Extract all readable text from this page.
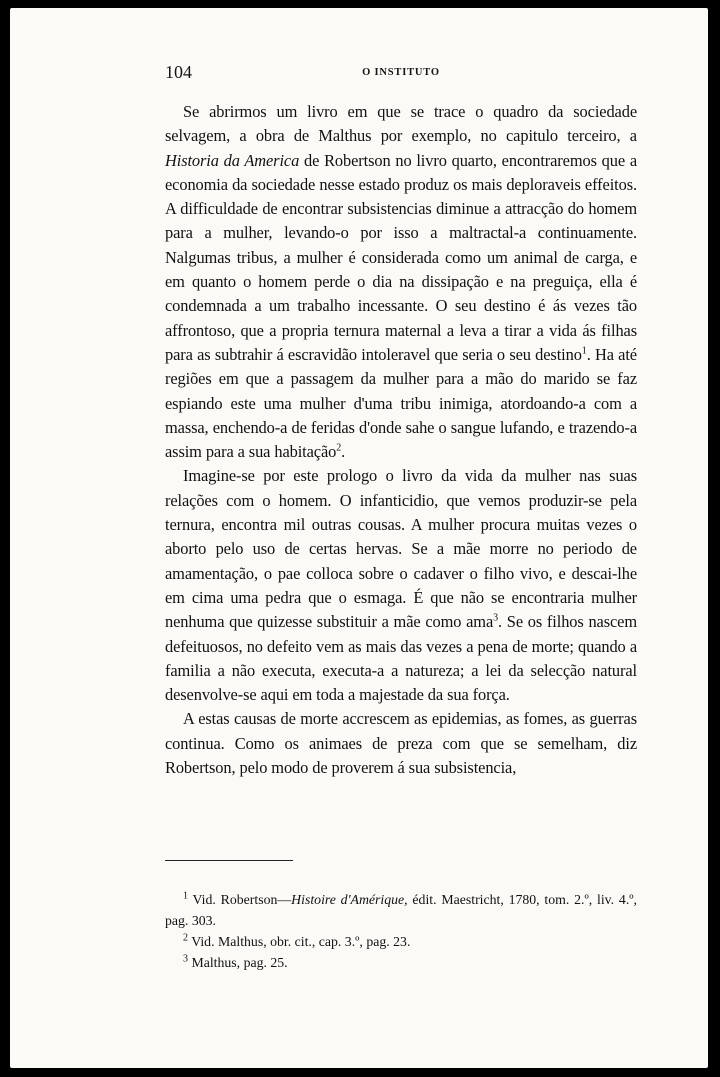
104	O INSTITUTO

Se abrirmos um livro em que se trace o quadro da sociedade selvagem, a obra de Malthus por exemplo, no capitulo terceiro, a Historia da America de Robertson no livro quarto, encontraremos que a economia da sociedade nesse estado produz os mais deploraveis effeitos. A difficuldade de encontrar subsistencias diminue a attracção do homem para a mulher, levando-o por isso a maltractal-a continuamente. Nalgumas tribus, a mulher é considerada como um animal de carga, e em quanto o homem perde o dia na dissipação e na preguiça, ella é condemnada a um trabalho incessante. O seu destino é ás vezes tão affrontoso, que a propria ternura maternal a leva a tirar a vida ás filhas para as subtrahir á escravidão intoleravel que seria o seu destino$^1$. Ha até regiões em que a passagem da mulher para a mão do marido se faz espiando este uma mulher d'uma tribu inimiga, atordoando-a com a massa, enchendo-a de feridas d'onde sahe o sangue lufando, e trazendo-a assim para a sua habitação$^2$.

Imagine-se por este prologo o livro da vida da mulher nas suas relações com o homem. O infanticidio, que vemos produzir-se pela ternura, encontra mil outras cousas. A mulher procura muitas vezes o aborto pelo uso de certas hervas. Se a mãe morre no periodo de amamentação, o pae colloca sobre o cadaver o filho vivo, e descai-lhe em cima uma pedra que o esmaga. É que não se encontraria mulher nenhuma que quizesse substituir a mãe como ama$^3$. Se os filhos nascem defeituosos, no defeito vem as mais das vezes a pena de morte; quando a familia a não executa, executa-a a natureza; a lei da selecção natural desenvolve-se aqui em toda a majestade da sua força.

A estas causas de morte accrescem as epidemias, as fomes, as guerras continua. Como os animaes de preza com que se semelham, diz Robertson, pelo modo de proverem á sua subsistencia,

$^1$ Vid. Robertson—Histoire d'Amérique, édit. Maestricht, 1780, tom. 2.º, liv. 4.º, pag. 303.

$^2$ Vid. Malthus, obr. cit., cap. 3.º, pag. 23.

$^3$ Malthus, pag. 25.
